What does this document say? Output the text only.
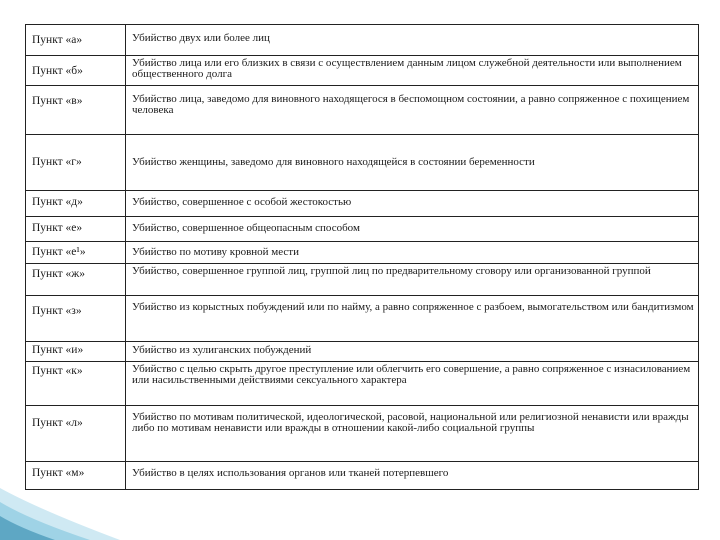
Пункт «а»	Убийство двух или более лиц
Пункт «б»	Убийство лица или его близких в связи с осуществлением данным лицом служебной деятельности или выполнением общественного долга
Пункт «в»	Убийство лица, заведомо для виновного находящегося в беспомощном состоянии, а равно сопряженное с похищением человека
Пункт «г»	Убийство женщины, заведомо для виновного находящейся в состоянии беременности
Пункт «д»	Убийство, совершенное с особой жестокостью
Пункт «е»	Убийство, совершенное общеопасным способом
Пункт «е¹»	Убийство по мотиву кровной мести
Пункт «ж»	Убийство, совершенное группой лиц, группой лиц по предварительному сговору или организованной группой
Пункт «з»	Убийство из корыстных побуждений или по найму, а равно сопряженное с разбоем, вымогательством или бандитизмом
Пункт «и»	Убийство из хулиганских побуждений
Пункт «к»	Убийство с целью скрыть другое преступление или облегчить его совершение, а равно сопряженное с изнасилованием или насильственными действиями сексуального характера
Пункт «л»	Убийство по мотивам политической, идеологической, расовой, национальной или религиозной ненависти или вражды либо по мотивам ненависти или вражды в отношении какой-либо социальной группы
Пункт «м»	Убийство в целях использования органов или тканей потерпевшего
